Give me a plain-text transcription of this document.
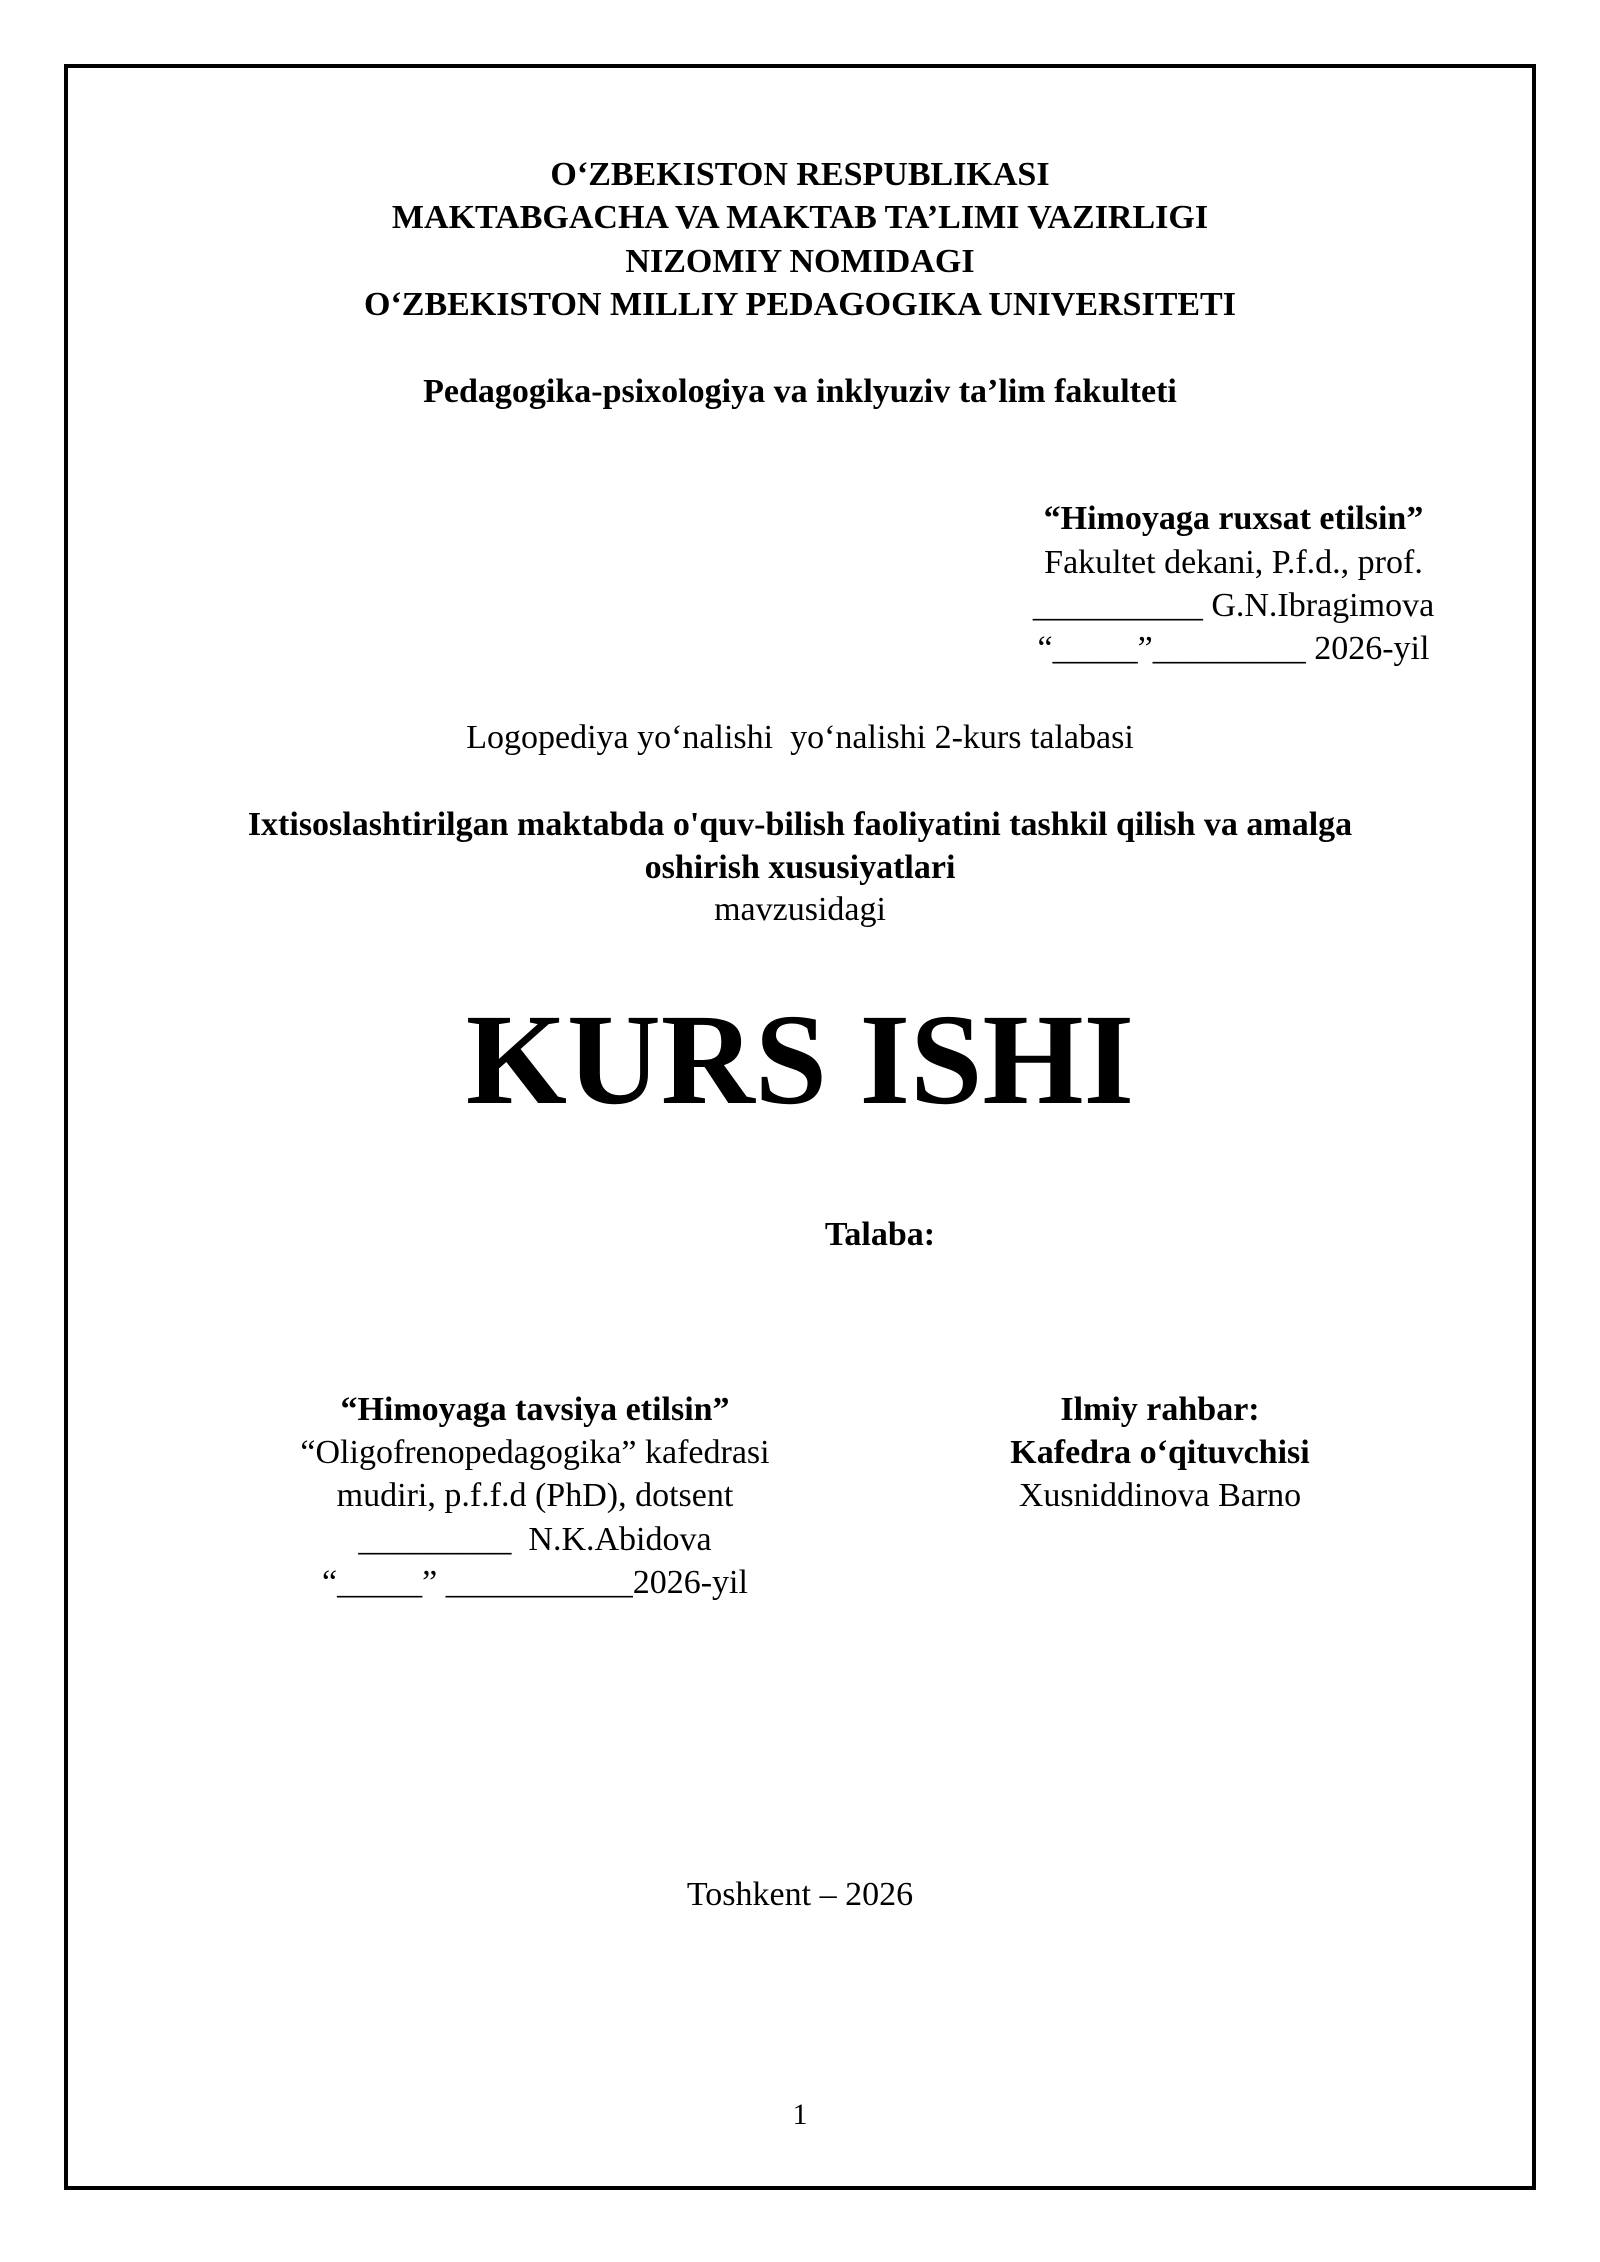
O‘ZBEKISTON RESPUBLIKASI
MAKTABGACHA VA MAKTAB TA’LIMI VAZIRLIGI
NIZOMIY NOMIDAGI
O‘ZBEKISTON MILLIY PEDAGOGIKA UNIVERSITETI
Pedagogika-psixologiya va inklyuziv ta’lim fakulteti

“Himoyaga ruxsat etilsin”

Fakultet dekani, P.f.d., prof.

__________ G.N.Ibragimova

“_____”_________ 2026-yil

Logopediya yo‘nalishi  yo‘nalishi 2-kurs talabasi
Ixtisoslashtirilgan maktabda o'quv-bilish faoliyatini tashkil qilish va amalga
oshirish xususiyatlari
mavzusidagi
KURS ISHI
Talaba:
“Himoyaga tavsiya etilsin”
“Oligofrenopedagogika” kafedrasi
mudiri, p.f.f.d (PhD), dotsent
_________  N.K.Abidova
“_____” ___________2026-yil
Ilmiy rahbar:
Kafedra o‘qituvchisi
Xusniddinova Barno
Toshkent – 2026
1
